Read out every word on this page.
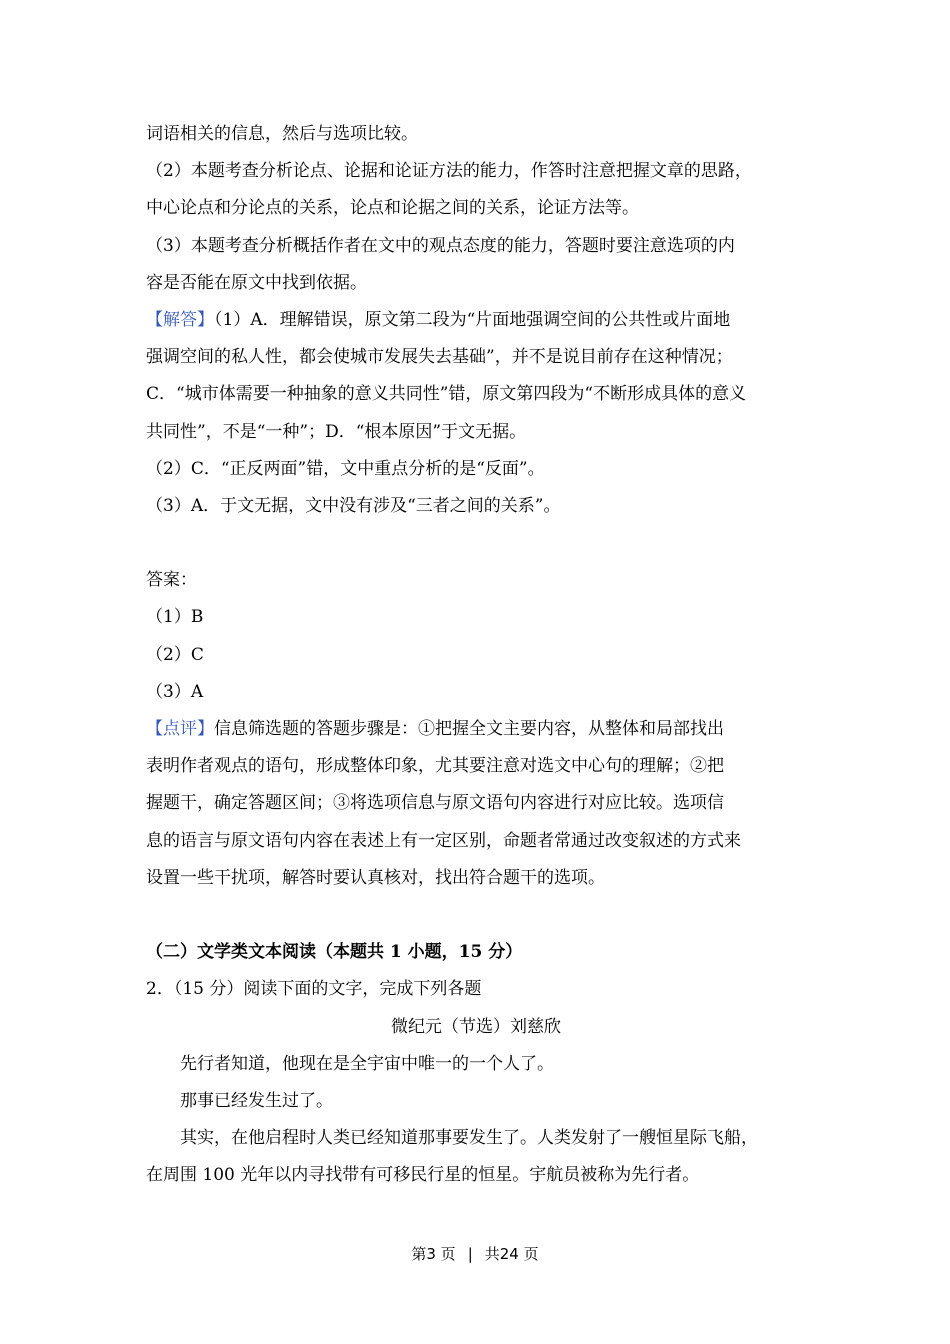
词语相关的信息，然后与选项比较。
（2）本题考查分析论点、论据和论证方法的能力，作答时注意把握文章的思路，
中心论点和分论点的关系，论点和论据之间的关系，论证方法等。
（3）本题考查分析概括作者在文中的观点态度的能力，答题时要注意选项的内
容是否能在原文中找到依据。
【解答】（1）A．理解错误，原文第二段为“片面地强调空间的公共性或片面地
强调空间的私人性，都会使城市发展失去基础”，并不是说目前存在这种情况；
C．“城市体需要一种抽象的意义共同性”错，原文第四段为“不断形成具体的意义
共同性”，不是“一种”；D．“根本原因”于文无据。
（2）C．“正反两面”错，文中重点分析的是“反面”。
（3）A．于文无据，文中没有涉及“三者之间的关系”。
答案：
（1）B
（2）C
（3）A
【点评】信息筛选题的答题步骤是：①把握全文主要内容，从整体和局部找出
表明作者观点的语句，形成整体印象，尤其要注意对选文中心句的理解；②把
握题干，确定答题区间；③将选项信息与原文语句内容进行对应比较。选项信
息的语言与原文语句内容在表述上有一定区别，命题者常通过改变叙述的方式来
设置一些干扰项，解答时要认真核对，找出符合题干的选项。
（二）文学类文本阅读（本题共 1 小题，15 分）
2．（15 分）阅读下面的文字，完成下列各题
微纪元（节选）刘慈欣
先行者知道，他现在是全宇宙中唯一的一个人了。
那事已经发生过了。
其实，在他启程时人类已经知道那事要发生了。人类发射了一艘恒星际飞船，
在周围 100 光年以内寻找带有可移民行星的恒星。宇航员被称为先行者。
第3 页 | 共24 页
